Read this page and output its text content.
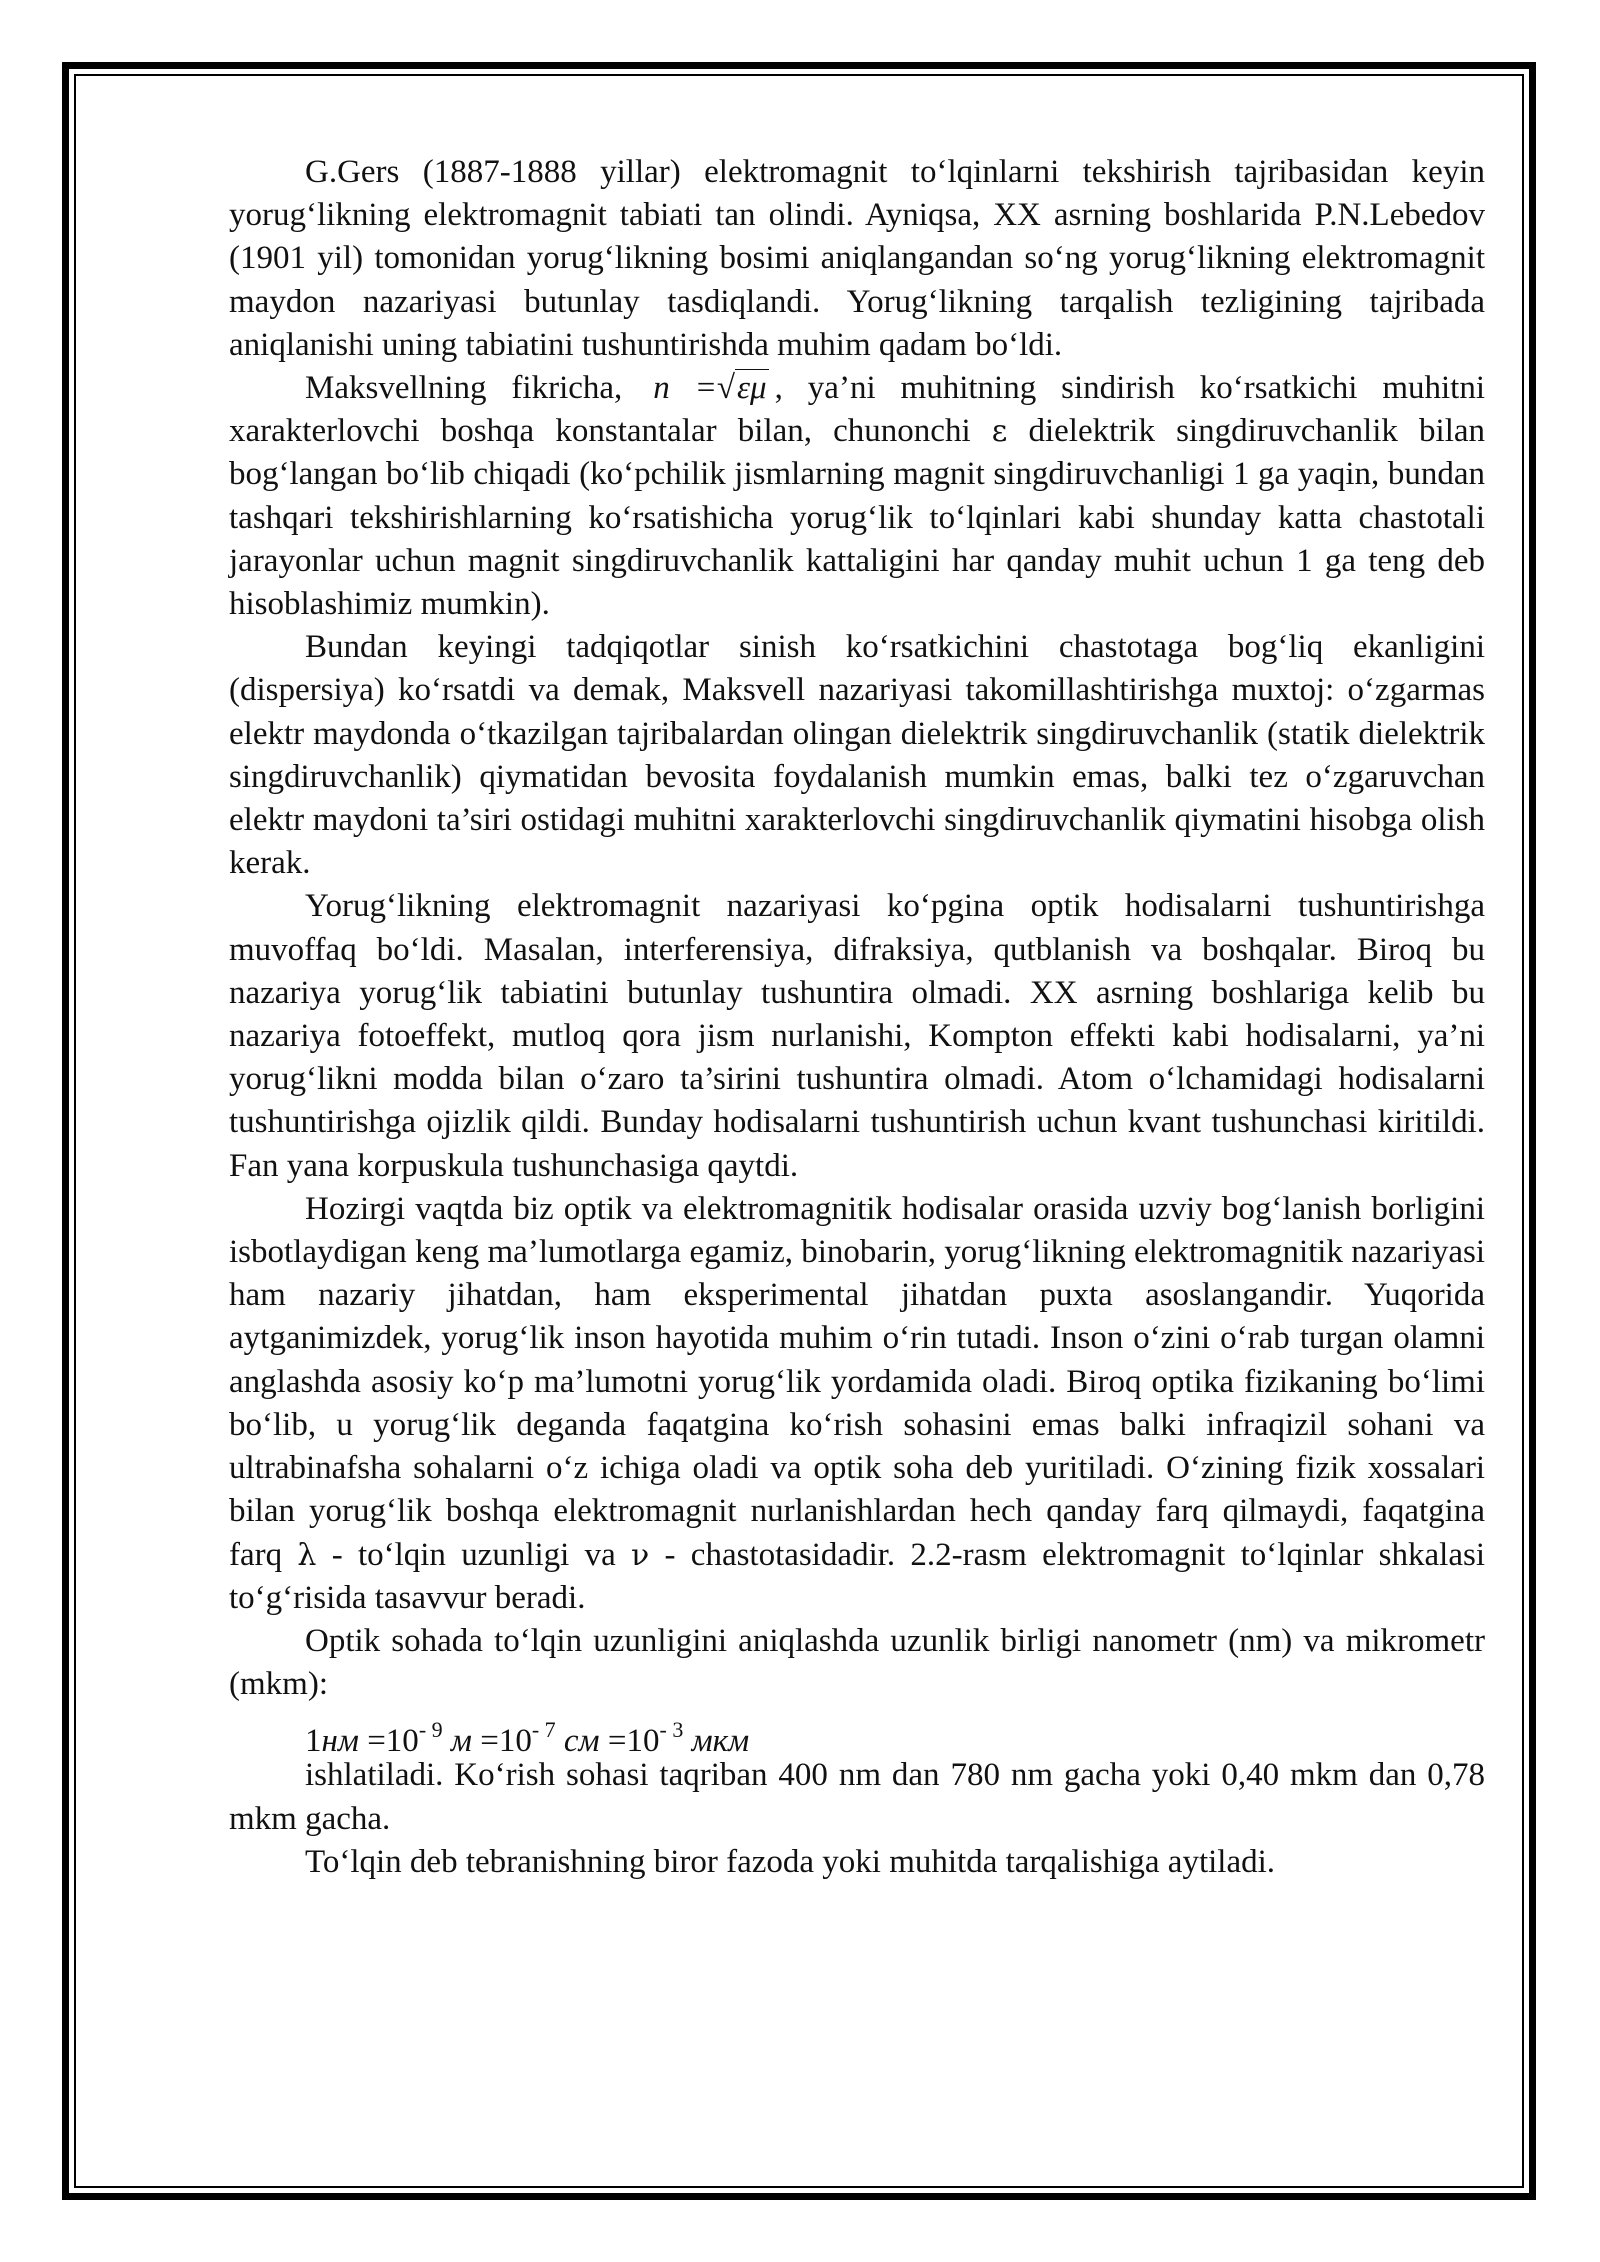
G.Gers (1887-1888 yillar) elektromagnit to‘lqinlarni tekshirish tajribasidan keyin yorug‘likning elektromagnit tabiati tan olindi. Ayniqsa, XX asrning boshlarida P.N.Lebedov (1901 yil) tomonidan yorug‘likning bosimi aniqlangandan so‘ng yorug‘likning elektromagnit maydon nazariyasi butunlay tasdiqlandi. Yorug‘likning tarqalish tezligining tajribada aniqlanishi uning tabiatini tushuntirishda muhim qadam bo‘ldi.

Maksvellning fikricha, n =√εμ , ya’ni muhitning sindirish ko‘rsatkichi muhitni xarakterlovchi boshqa konstantalar bilan, chunonchi ε dielektrik singdiruvchanlik bilan bog‘langan bo‘lib chiqadi (ko‘pchilik jismlarning magnit singdiruvchanligi 1 ga yaqin, bundan tashqari tekshirishlarning ko‘rsatishicha yorug‘lik to‘lqinlari kabi shunday katta chastotali jarayonlar uchun magnit singdiruvchanlik kattaligini har qanday muhit uchun 1 ga teng deb hisoblashimiz mumkin).

Bundan keyingi tadqiqotlar sinish ko‘rsatkichini chastotaga bog‘liq ekanligini (dispersiya) ko‘rsatdi va demak, Maksvell nazariyasi takomillashtirishga muxtoj: o‘zgarmas elektr maydonda o‘tkazilgan tajribalardan olingan dielektrik singdiruvchanlik (statik dielektrik singdiruvchanlik) qiymatidan bevosita foydalanish mumkin emas, balki tez o‘zgaruvchan elektr maydoni ta’siri ostidagi muhitni xarakterlovchi singdiruvchanlik qiymatini hisobga olish kerak.

Yorug‘likning elektromagnit nazariyasi ko‘pgina optik hodisalarni tushuntirishga muvoffaq bo‘ldi. Masalan, interferensiya, difraksiya, qutblanish va boshqalar. Biroq bu nazariya yorug‘lik tabiatini butunlay tushuntira olmadi. XX asrning boshlariga kelib bu nazariya fotoeffekt, mutloq qora jism nurlanishi, Kompton effekti kabi hodisalarni, ya’ni yorug‘likni modda bilan o‘zaro ta’sirini tushuntira olmadi. Atom o‘lchamidagi hodisalarni tushuntirishga ojizlik qildi. Bunday hodisalarni tushuntirish uchun kvant tushunchasi kiritildi. Fan yana korpuskula tushunchasiga qaytdi.

Hozirgi vaqtda biz optik va elektromagnitik hodisalar orasida uzviy bog‘lanish borligini isbotlaydigan keng ma’lumotlarga egamiz, binobarin, yorug‘likning elektromagnitik nazariyasi ham nazariy jihatdan, ham eksperimental jihatdan puxta asoslangandir. Yuqorida aytganimizdek, yorug‘lik inson hayotida muhim o‘rin tutadi. Inson o‘zini o‘rab turgan olamni anglashda asosiy ko‘p ma’lumotni yorug‘lik yordamida oladi. Biroq optika fizikaning bo‘limi bo‘lib, u yorug‘lik deganda faqatgina ko‘rish sohasini emas balki infraqizil sohani va ultrabinafsha sohalarni o‘z ichiga oladi va optik soha deb yuritiladi. O‘zining fizik xossalari bilan yorug‘lik boshqa elektromagnit nurlanishlardan hech qanday farq qilmaydi, faqatgina farq λ - to‘lqin uzunligi va ν - chastotasidadir. 2.2-rasm elektromagnit to‘lqinlar shkalasi to‘g‘risida tasavvur beradi.

Optik sohada to‘lqin uzunligini aniqlashda uzunlik birligi nanometr (nm) va mikrometr (mkm):

$1нм =10^{- 9}$ $м =10^{- 7}$ см $=10^{- 3}$ мкм

ishlatiladi. Ko‘rish sohasi taqriban 400 nm dan 780 nm gacha yoki 0,40 mkm dan 0,78 mkm gacha.

To‘lqin deb tebranishning biror fazoda yoki muhitda tarqalishiga aytiladi.
